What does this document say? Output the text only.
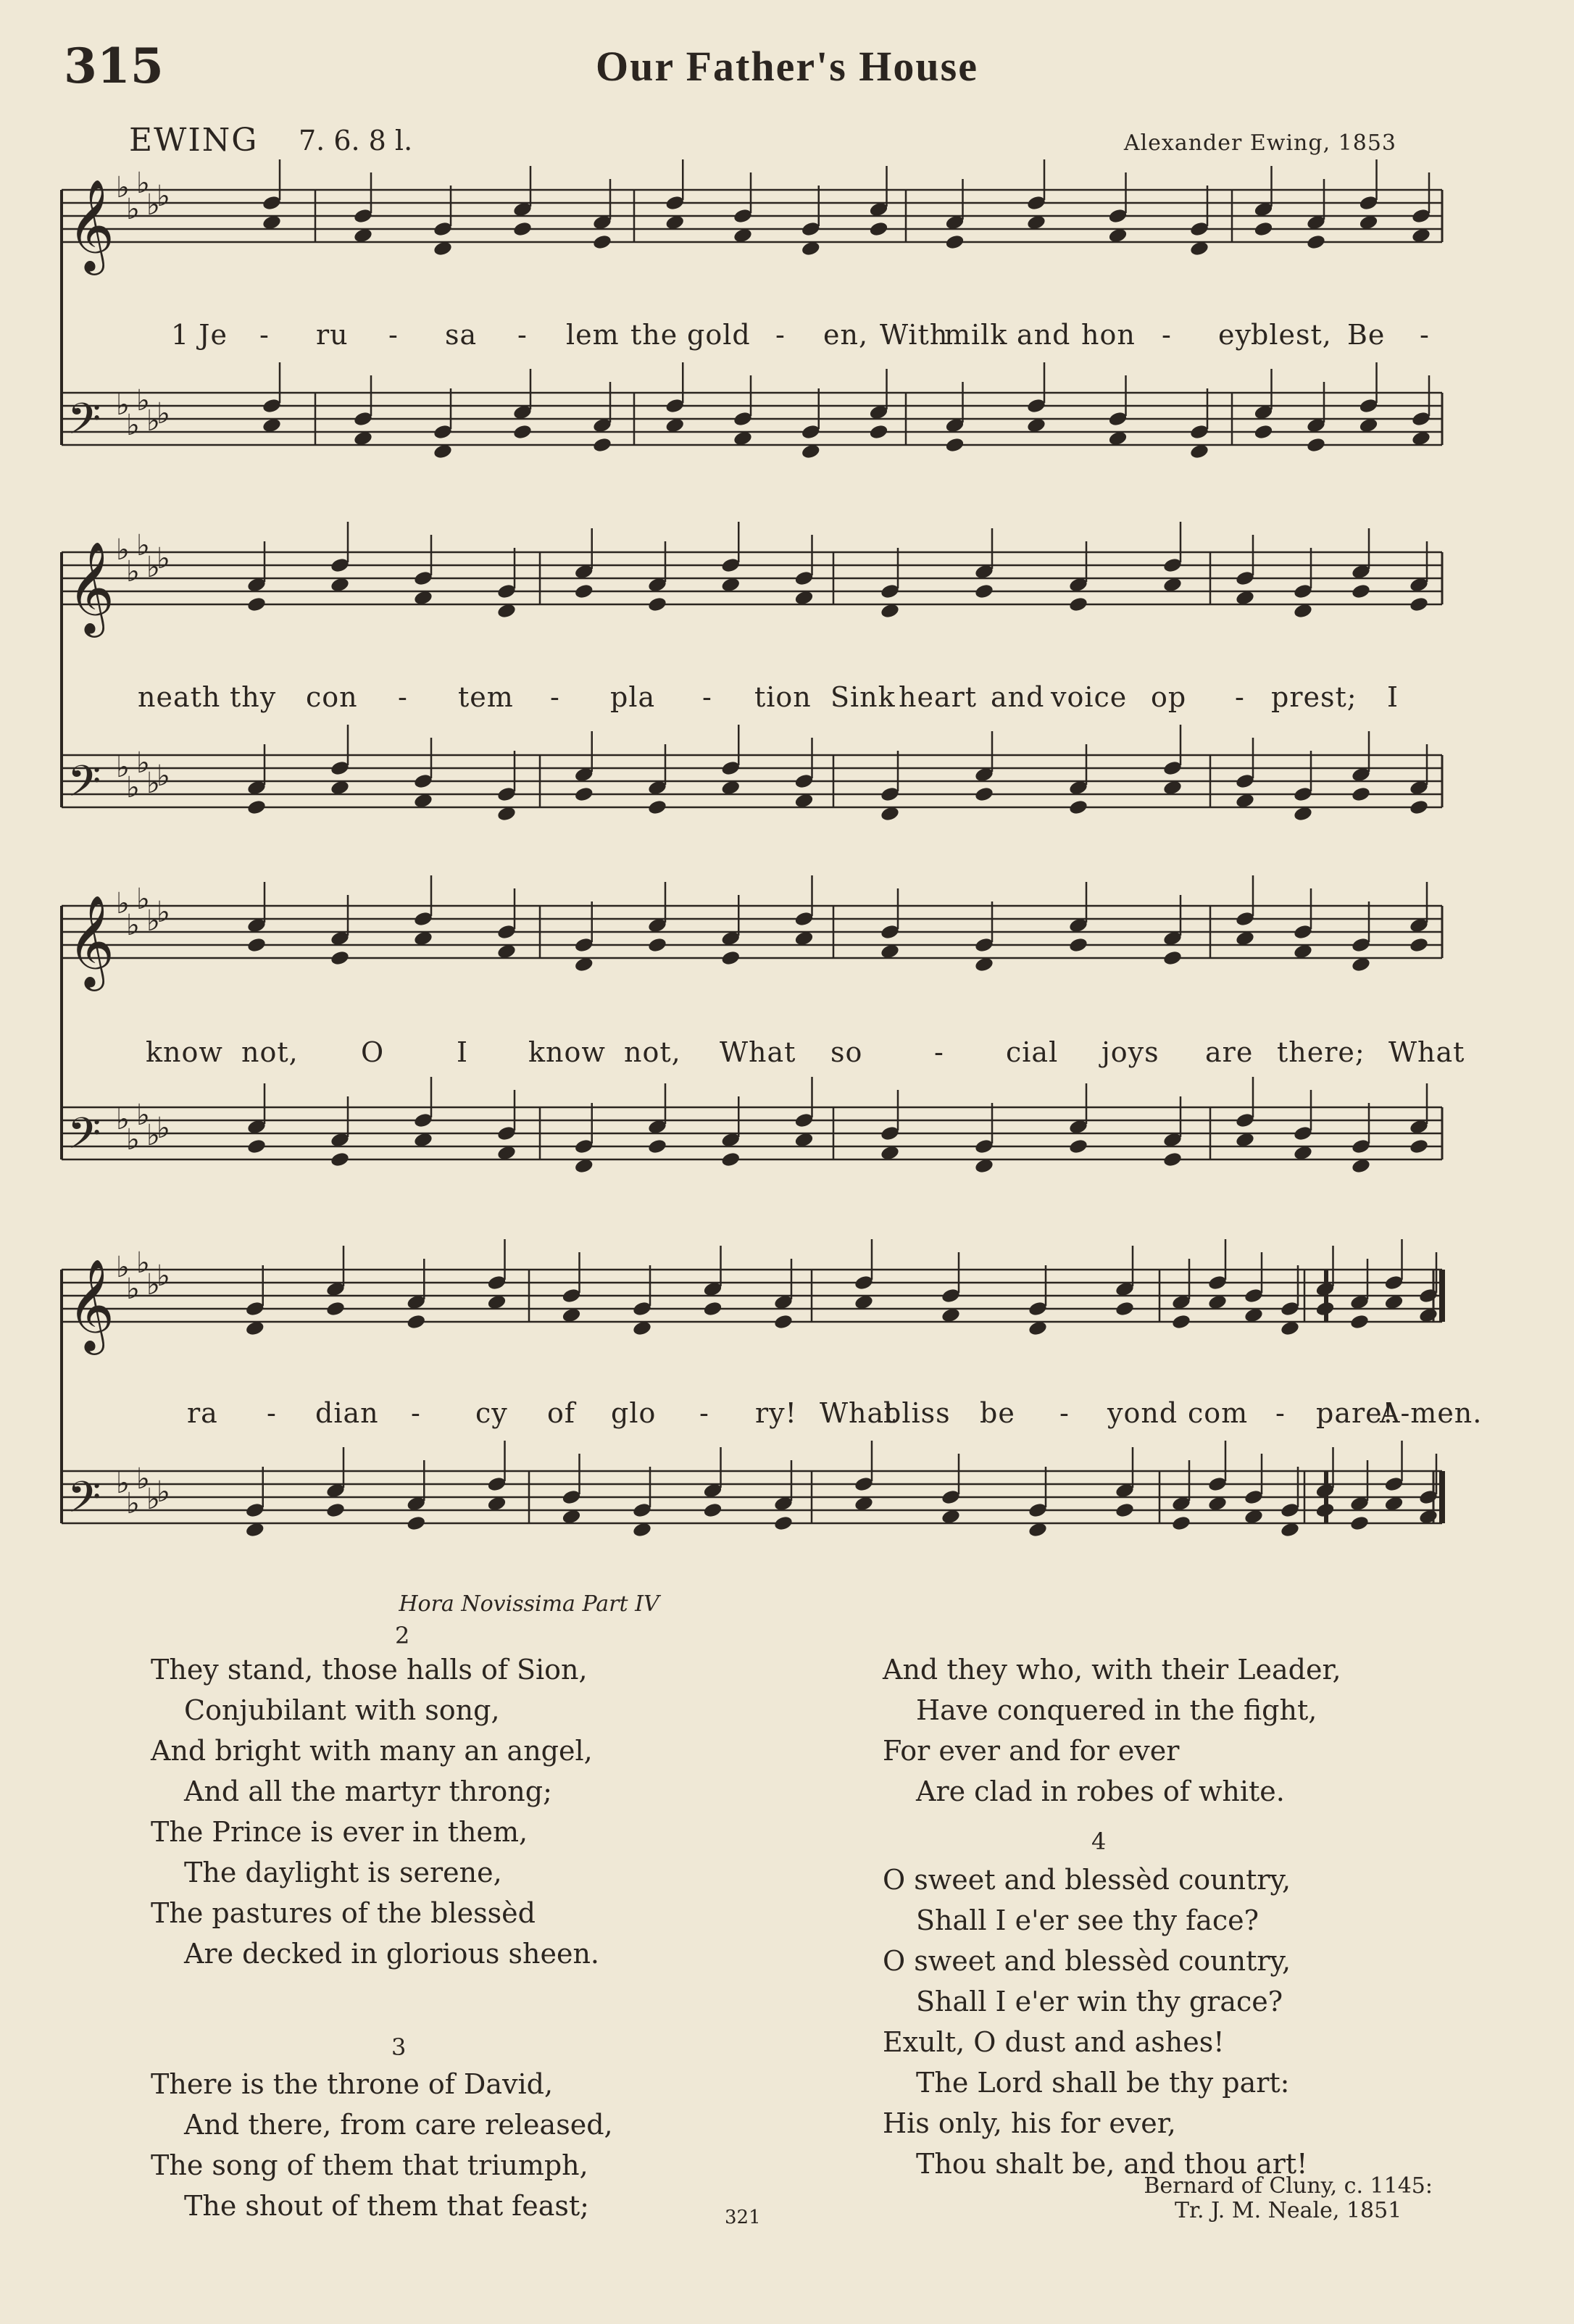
315	Our Father's House
EWING 7. 6. 8 l.	Alexander Ewing, 1853
𝄞 ♭
♭
♭
♭
♭
𝄢 ♭
♭
♭
♭
♭
𝄞 ♭
♭
♭
♭
♭
𝄢 ♭
♭
♭
♭
♭
𝄞 ♭
♭
♭
♭
♭
𝄢 ♭
♭
♭
♭
♭
𝄞 ♭
♭
♭
♭
♭
𝄢 ♭
♭
♭
♭
♭
1 Je - ru - sa - lem the gold - en, With
milk and hon - ey blest, Be -
neath thy con - tem - pla - tion Sink heart and voice op - prest; I
know not, O	I know not, What so	- cial joys are there; What
ra - dian - cy of glo - ry! What
bliss be - yond com - pare!
A-men.
Hora Novissima Part IV
2
They stand, those halls of Sion,
Conjubilant with song,
And bright with many an angel,
And all the martyr throng;
The Prince is ever in them,
The daylight is serene,
The pastures of the blessèd
Are decked in glorious sheen.
3
There is the throne of David,
And there, from care released,
The song of them that triumph,
The shout of them that feast;
And they who, with their Leader,
Have conquered in the fight,
For ever and for ever
Are clad in robes of white.
4
O sweet and blessèd country,
Shall I e'er see thy face?
O sweet and blessèd country,
Shall I e'er win thy grace?
Exult, O dust and ashes!
The Lord shall be thy part:
His only, his for ever,
Thou shalt be, and thou art!
Bernard of Cluny, c. 1145:
Tr. J. M. Neale, 1851
321
